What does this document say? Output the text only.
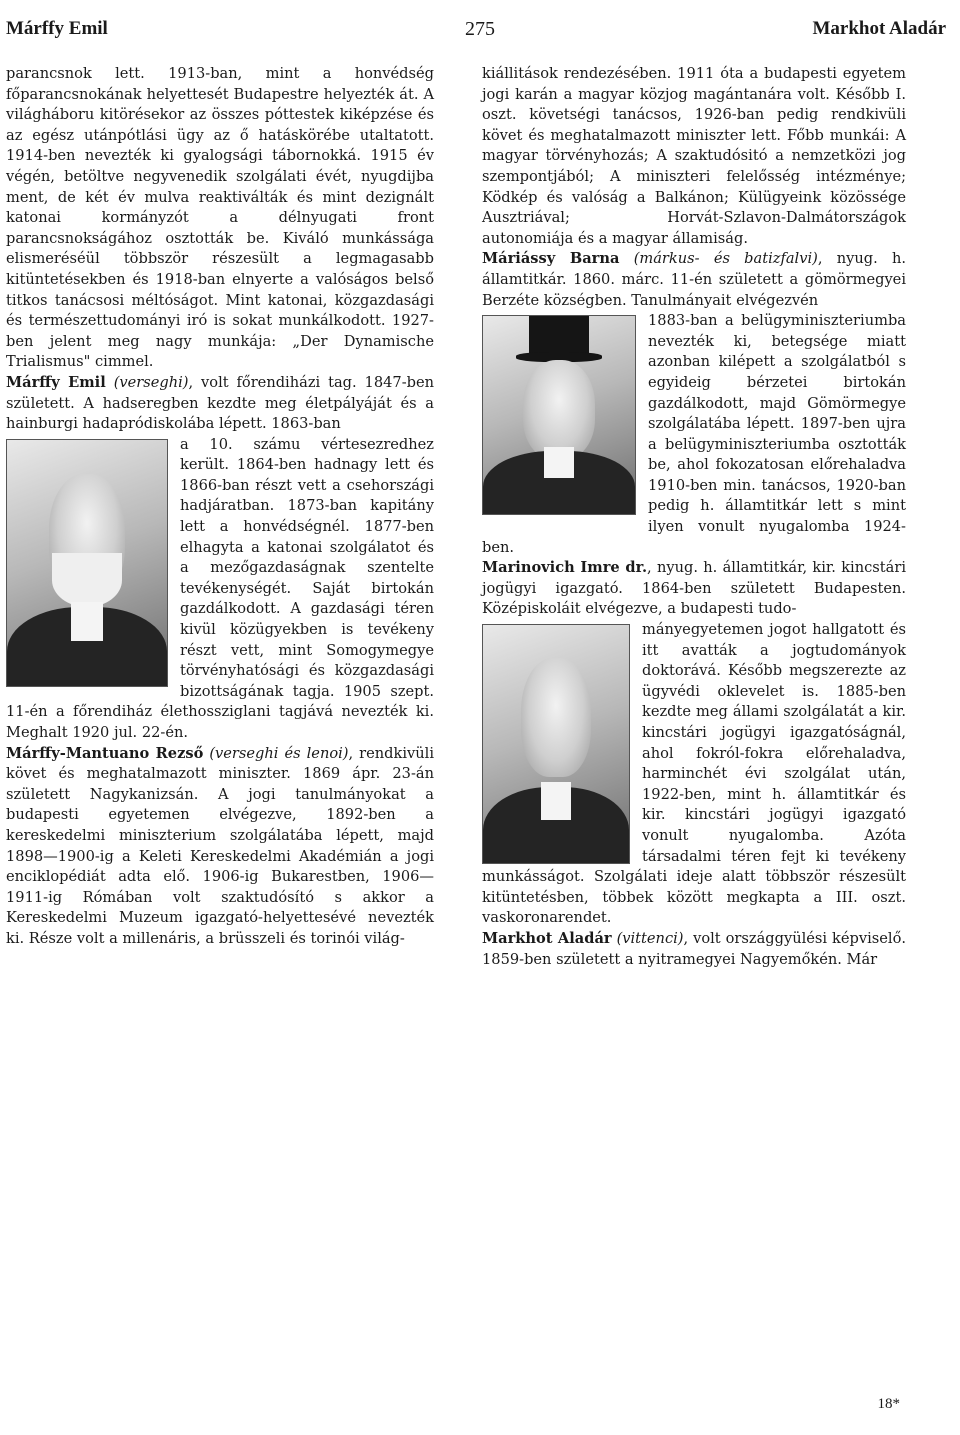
Márffy Emil	275	Markhot Aladár

parancsnok lett. 1913-ban, mint a honvédség főparancsnokának helyettesét Budapestre helyezték át. A világháboru kitörésekor az összes póttestek kiképzése és az egész utánpótlási ügy az ő hatáskörébe utaltatott. 1914-ben nevezték ki gyalogsági tábornokká. 1915 év végén, betöltve negyvenedik szolgálati évét, nyugdijba ment, de két év mulva reaktiválták és mint dezignált katonai kormányzót a délnyugati front parancsnokságához osztották be. Kiváló munkássága elismeréséül többször részesült a legmagasabb kitüntetésekben és 1918-ban elnyerte a valóságos belső titkos tanácsosi méltóságot. Mint katonai, közgazdasági és természettudományi iró is sokat munkálkodott. 1927-ben jelent meg nagy munkája: „Der Dynamische Trialismus" cimmel.

Márffy Emil (verseghi), volt főrendiházi tag. 1847-ben született. A hadseregben kezdte meg életpályáját és a hainburgi hadapródiskolába lépett. 1863-ban

a 10. számu vértesezredhez került. 1864-ben hadnagy lett és 1866-ban részt vett a csehországi hadjáratban. 1873-ban kapitány lett a honvédségnél. 1877-ben elhagyta a katonai szolgálatot és a mezőgazdaságnak szentelte tevékenységét. Saját birtokán gazdálkodott. A gazdasági téren kivül közügyekben is tevékeny részt vett, mint Somogymegye törvényhatósági és közgazdasági bizottságának tagja. 1905 szept. 11-én a főrendiház élethossziglani tagjává nevezték ki. Meghalt 1920 jul. 22-én.

Márffy-Mantuano Rezső (verseghi és lenoi), rendkivüli követ és meghatalmazott miniszter. 1869 ápr. 23-án született Nagykanizsán. A jogi tanulmányokat a budapesti egyetemen elvégezve, 1892-ben a kereskedelmi miniszterium szolgálatába lépett, majd 1898—1900-ig a Keleti Kereskedelmi Akadémián a jogi enciklopédiát adta elő. 1906-ig Bukarestben, 1906—1911-ig Rómában volt szaktudósító s akkor a Kereskedelmi Muzeum igazgató-helyettesévé nevezték ki. Része volt a millenáris, a brüsszeli és torinói világ-

kiállitások rendezésében. 1911 óta a budapesti egyetem jogi karán a magyar közjog magántanára volt. Később I. oszt. követségi tanácsos, 1926-ban pedig rendkivüli követ és meghatalmazott miniszter lett. Főbb munkái: A magyar törvényhozás; A szaktudósitó a nemzetközi jog szempontjából; A miniszteri felelősség intézménye; Ködkép és valóság a Balkánon; Külügyeink közössége Ausztriával; Horvát-Szlavon-Dalmátországok autonomiája és a magyar államiság.

Máriássy Barna (márkus- és batizfalvi), nyug. h. államtitkár. 1860. márc. 11-én született a gömörmegyei Berzéte községben. Tanulmányait elvégezvén

1883-ban a belügyminiszteriumba nevezték ki, betegsége miatt azonban kilépett a szolgálatból s egyideig bérzetei birtokán gazdálkodott, majd Gömörmegye szolgálatába lépett. 1897-ben ujra a belügyminiszteriumba osztották be, ahol fokozatosan előrehaladva 1910-ben min. tanácsos, 1920-ban pedig h. államtitkár lett s mint ilyen vonult nyugalomba 1924-ben.

Marinovich Imre dr., nyug. h. államtitkár, kir. kincstári jogügyi igazgató. 1864-ben született Budapesten. Középiskoláit elvégezve, a budapesti tudo-

mányegyetemen jogot hallgatott és itt avatták a jogtudományok doktorává. Később megszerezte az ügyvédi oklevelet is. 1885-ben kezdte meg állami szolgálatát a kir. kincstári jogügyi igazgatóságnál, ahol fokról-fokra előrehaladva, harminchét évi szolgálat után, 1922-ben, mint h. államtitkár és kir. kincstári jogügyi igazgató vonult nyugalomba. Azóta társadalmi téren fejt ki tevékeny munkásságot. Szolgálati ideje alatt többször részesült kitüntetésben, többek között megkapta a III. oszt. vaskoronarendet.

Markhot Aladár (vittenci), volt országgyülési képviselő. 1859-ben született a nyitramegyei Nagyemőkén. Már

18*
